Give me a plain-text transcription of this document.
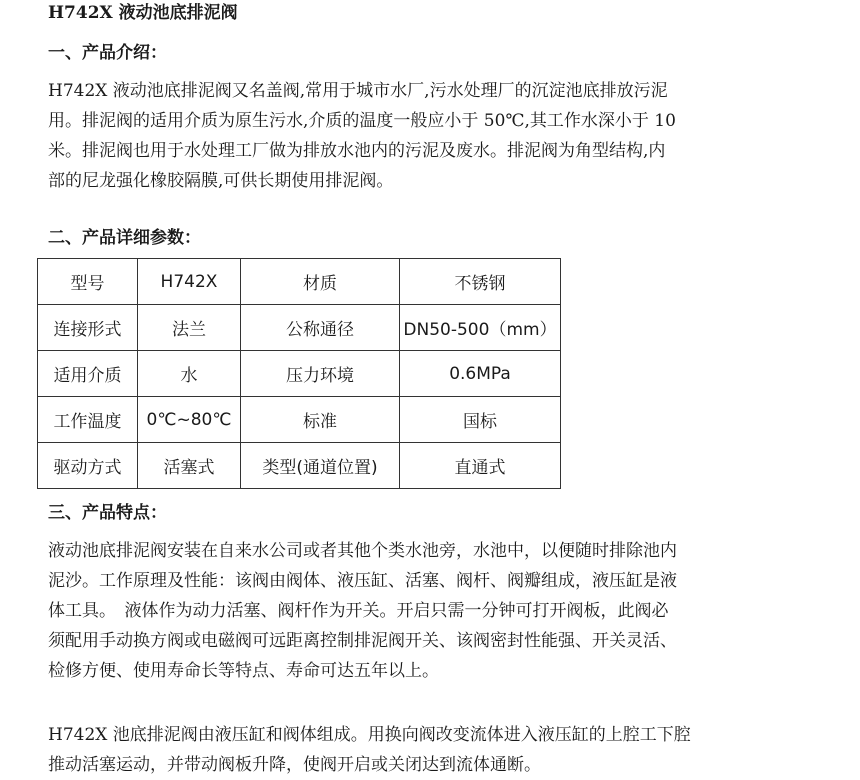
H742X 液动池底排泥阀
一、产品介绍：

H742X 液动池底排泥阀又名盖阀,常用于城市水厂,污水处理厂的沉淀池底排放污泥
用。排泥阀的适用介质为原生污水,介质的温度一般应小于 50℃,其工作水深小于 10
米。排泥阀也用于水处理工厂做为排放水池内的污泥及废水。排泥阀为角型结构,内
部的尼龙强化橡胶隔膜,可供长期使用排泥阀。

二、产品详细参数：
型号	H742X	材质	不锈钢
连接形式	法兰	公称通径	DN50-500（mm）
适用介质	水	压力环境	0.6MPa
工作温度	0℃~80℃	标准	国标
驱动方式	活塞式	类型(通道位置)	直通式
三、产品特点：

液动池底排泥阀安装在自来水公司或者其他个类水池旁，水池中，以便随时排除池内
泥沙。工作原理及性能：该阀由阀体、液压缸、活塞、阀杆、阀瓣组成，液压缸是液
体工具。　液体作为动力活塞、阀杆作为开关。开启只需一分钟可打开阀板，此阀必
须配用手动换方阀或电磁阀可远距离控制排泥阀开关、该阀密封性能强、开关灵活、
检修方便、使用寿命长等特点、寿命可达五年以上。

H742X 池底排泥阀由液压缸和阀体组成。用换向阀改变流体进入液压缸的上腔工下腔
推动活塞运动，并带动阀板升降，使阀开启或关闭达到流体通断。
